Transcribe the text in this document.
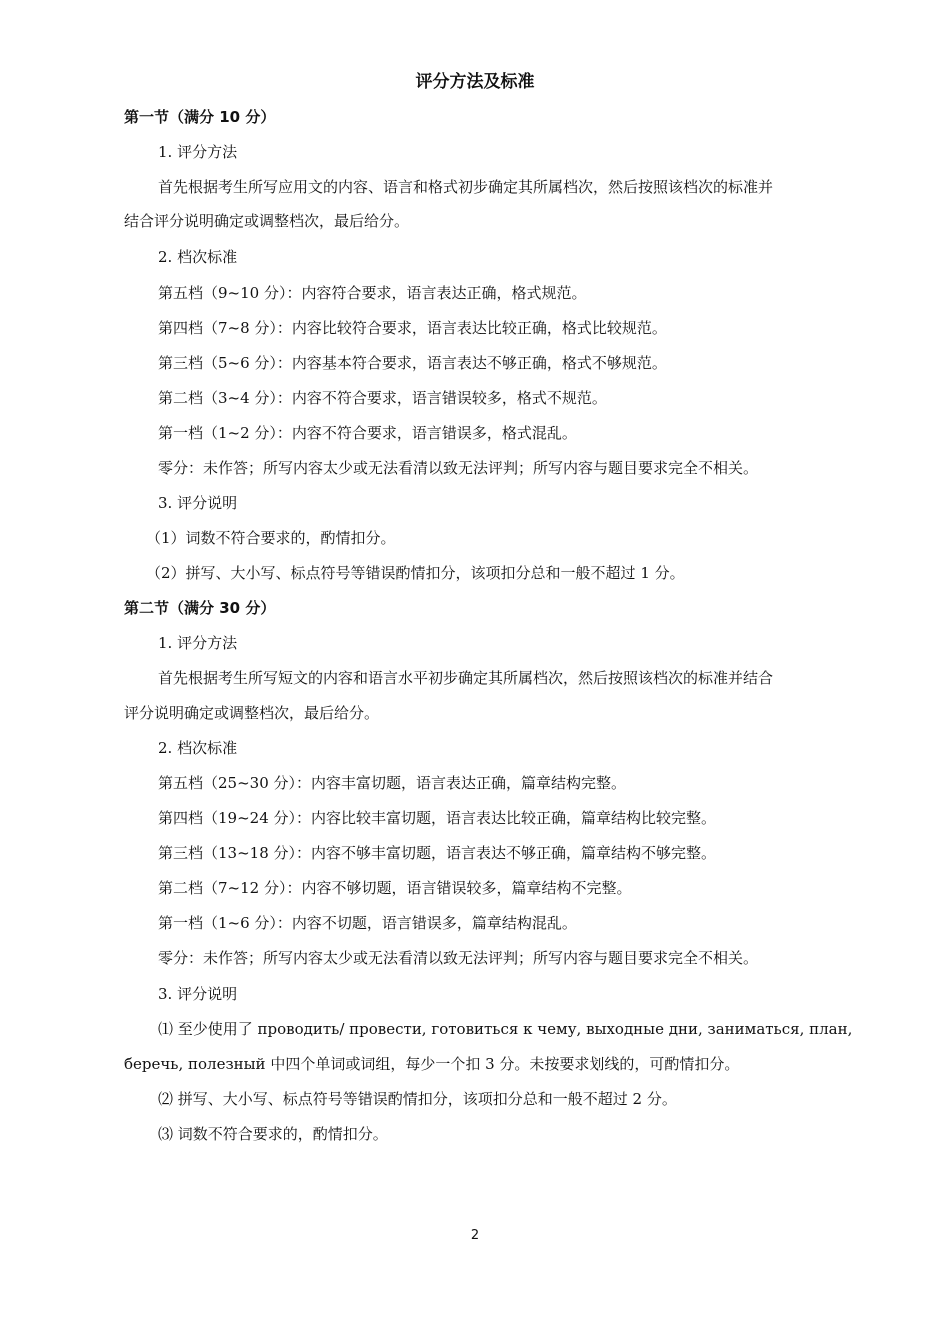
评分方法及标准
第一节（满分 10 分）
1. 评分方法
首先根据考生所写应用文的内容、语言和格式初步确定其所属档次，然后按照该档次的标准并
结合评分说明确定或调整档次，最后给分。
2. 档次标准
第五档（9~10 分）：内容符合要求，语言表达正确，格式规范。
第四档（7~8 分）：内容比较符合要求，语言表达比较正确，格式比较规范。
第三档（5~6 分）：内容基本符合要求，语言表达不够正确，格式不够规范。
第二档（3~4 分）：内容不符合要求，语言错误较多，格式不规范。
第一档（1~2 分）：内容不符合要求，语言错误多，格式混乱。
零分：未作答；所写内容太少或无法看清以致无法评判；所写内容与题目要求完全不相关。
3. 评分说明
（1）词数不符合要求的，酌情扣分。
（2）拼写、大小写、标点符号等错误酌情扣分，该项扣分总和一般不超过 1 分。
第二节（满分 30 分）
1. 评分方法
首先根据考生所写短文的内容和语言水平初步确定其所属档次，然后按照该档次的标准并结合
评分说明确定或调整档次，最后给分。
2. 档次标准
第五档（25~30 分）：内容丰富切题，语言表达正确，篇章结构完整。
第四档（19~24 分）：内容比较丰富切题，语言表达比较正确，篇章结构比较完整。
第三档（13~18 分）：内容不够丰富切题，语言表达不够正确，篇章结构不够完整。
第二档（7~12 分）：内容不够切题，语言错误较多，篇章结构不完整。
第一档（1~6 分）：内容不切题，语言错误多，篇章结构混乱。
零分：未作答；所写内容太少或无法看清以致无法评判；所写内容与题目要求完全不相关。
3. 评分说明
⑴ 至少使用了 проводить/ провести, готовиться к чему, выходные дни, заниматься, план,
беречь, полезный 中四个单词或词组，每少一个扣 3 分。未按要求划线的，可酌情扣分。
⑵ 拼写、大小写、标点符号等错误酌情扣分，该项扣分总和一般不超过 2 分。
⑶ 词数不符合要求的，酌情扣分。
2
